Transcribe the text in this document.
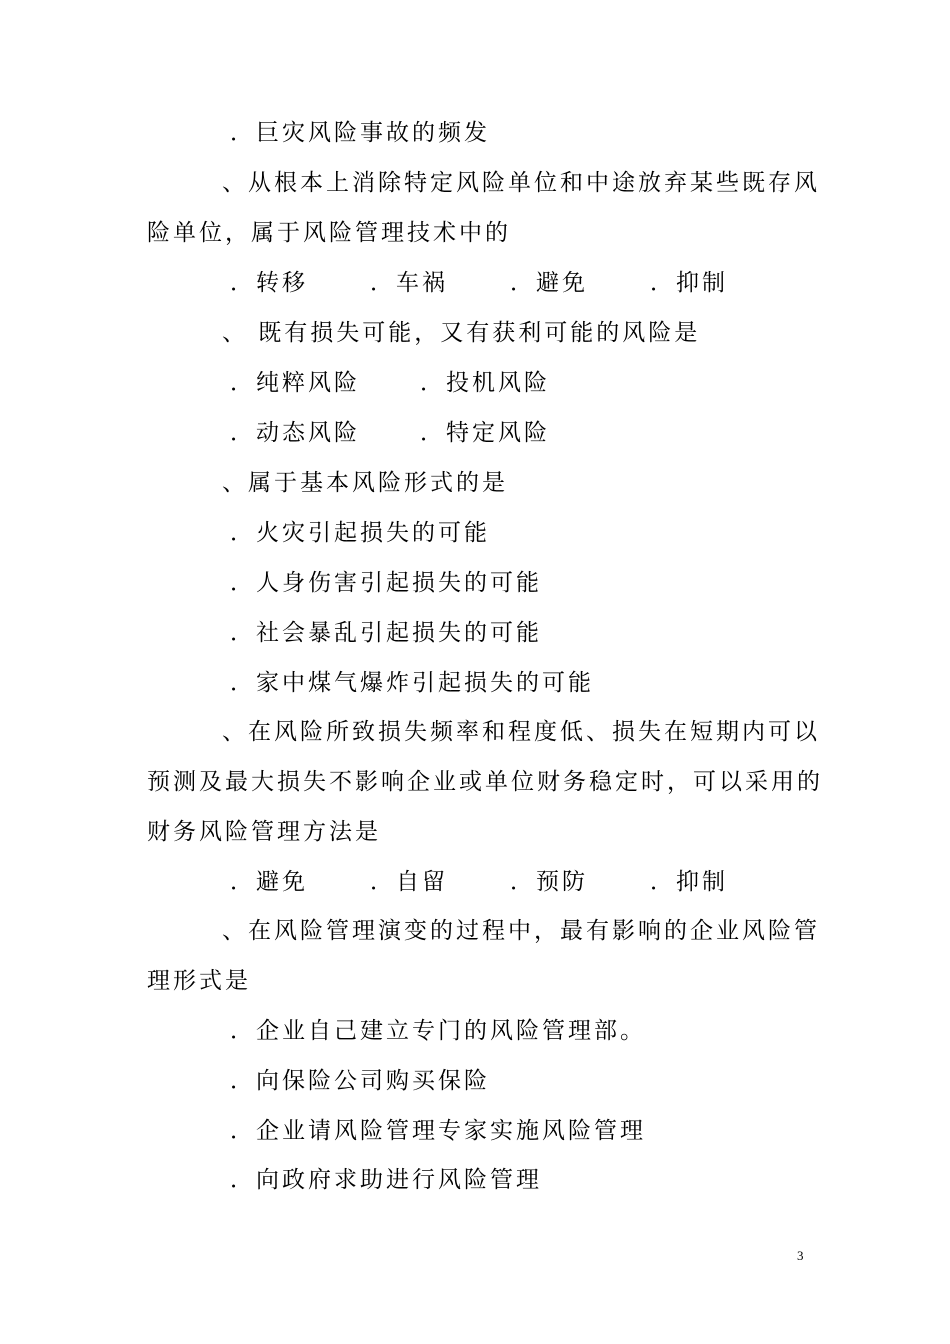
．巨灾风险事故的频发
、从根本上消除特定风险单位和中途放弃某些既存风
险单位，属于风险管理技术中的
．转移	．车祸	．避免	．抑制
、 既有损失可能，又有获利可能的风险是
．纯粹风险	．投机风险
．动态风险	．特定风险
、属于基本风险形式的是
．火灾引起损失的可能
．人身伤害引起损失的可能
．社会暴乱引起损失的可能
．家中煤气爆炸引起损失的可能
、在风险所致损失频率和程度低、损失在短期内可以
预测及最大损失不影响企业或单位财务稳定时，可以采用的
财务风险管理方法是
．避免	．自留	．预防	．抑制
、在风险管理演变的过程中，最有影响的企业风险管
理形式是
．企业自己建立专门的风险管理部。
．向保险公司购买保险
．企业请风险管理专家实施风险管理
．向政府求助进行风险管理
3
